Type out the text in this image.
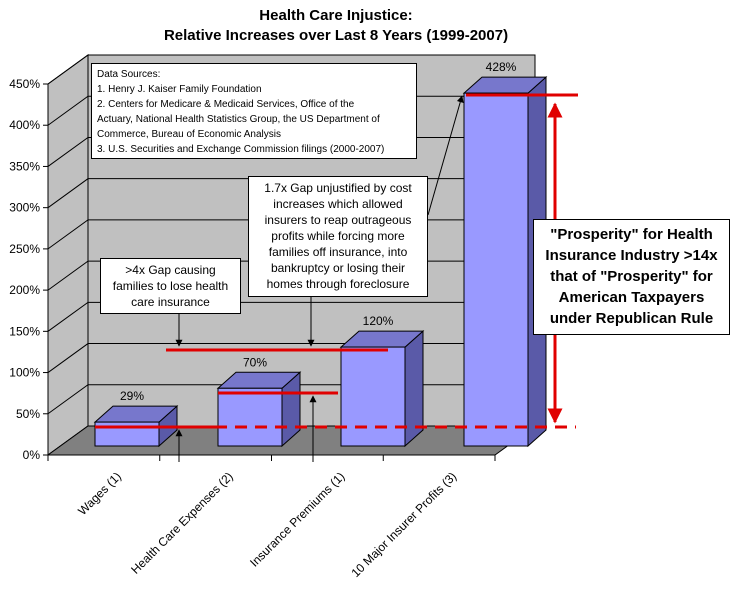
Health Care Injustice:
Relative Increases over Last 8 Years (1999-2007)
0%
50%
100%
150%
200%
250%
300%
350%
400%
450%
29%
70%
120%
428%
Wages (1) Health Care Expenses (2) Insurance Premiums (1) 10 Major Insurer Profits (3)
Data Sources:
1. Henry J. Kaiser Family Foundation
2. Centers for Medicare & Medicaid Services, Office of the
Actuary, National Health Statistics Group, the US Department of
Commerce, Bureau of Economic Analysis
3. U.S. Securities and Exchange Commission filings (2000-2007)
1.7x Gap unjustified by cost
increases which allowed
insurers to reap outrageous
profits while forcing more
families off insurance, into
bankruptcy or losing their
homes through foreclosure
>4x Gap causing
families to lose health
care insurance
"Prosperity" for Health
Insurance Industry >14x
that of "Prosperity" for
American Taxpayers
under Republican Rule
